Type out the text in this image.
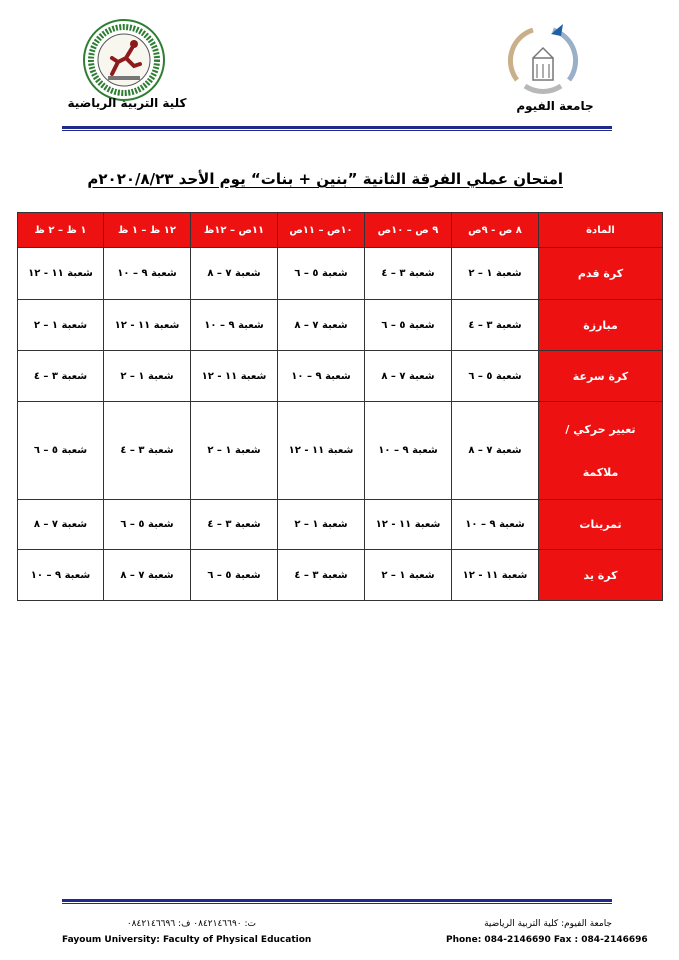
كلية التربية الرياضية	جامعة الفيوم
امتحان عملي الفرقة الثانية ”بنين + بنات“ يوم الأحد ٢٠٢٠/٨/٢٣م
المادة	٨ ص - ٩ص	٩ ص – ١٠ص	١٠ص – ١١ص	١١ص – ١٢ظ	١٢ ظ – ١ ظ	١ ظ – ٢ ظ
كرة قدم	شعبة ١ – ٢	شعبة ٣ – ٤	شعبة ٥ – ٦	شعبة ٧ – ٨	شعبة ٩ – ١٠	شعبة ١١ - ١٢
مبارزة	شعبة ٣ – ٤	شعبة ٥ – ٦	شعبة ٧ – ٨	شعبة ٩ – ١٠	شعبة ١١ - ١٢	شعبة ١ – ٢
كرة سرعة	شعبة ٥ – ٦	شعبة ٧ – ٨	شعبة ٩ – ١٠	شعبة ١١ - ١٢	شعبة ١ – ٢	شعبة ٣ – ٤

تعبير حركي /
ملاكمة	شعبة ٧ – ٨	شعبة ٩ – ١٠	شعبة ١١ - ١٢	شعبة ١ – ٢	شعبة ٣ – ٤	شعبة ٥ – ٦
تمرينات	شعبة ٩ – ١٠	شعبة ١١ - ١٢	شعبة ١ – ٢	شعبة ٣ – ٤	شعبة ٥ – ٦	شعبة ٧ – ٨
كرة يد	شعبة ١١ - ١٢	شعبة ١ – ٢	شعبة ٣ – ٤	شعبة ٥ – ٦	شعبة ٧ – ٨	شعبة ٩ – ١٠
جامعة الفيوم: كلية التربية الرياضية
Phone: 084-2146690 Fax : 084-2146696
ت: ٠٨٤٢١٤٦٦٩٠ ف: ٠٨٤٢١٤٦٦٩٦
Fayoum University: Faculty of Physical Education
